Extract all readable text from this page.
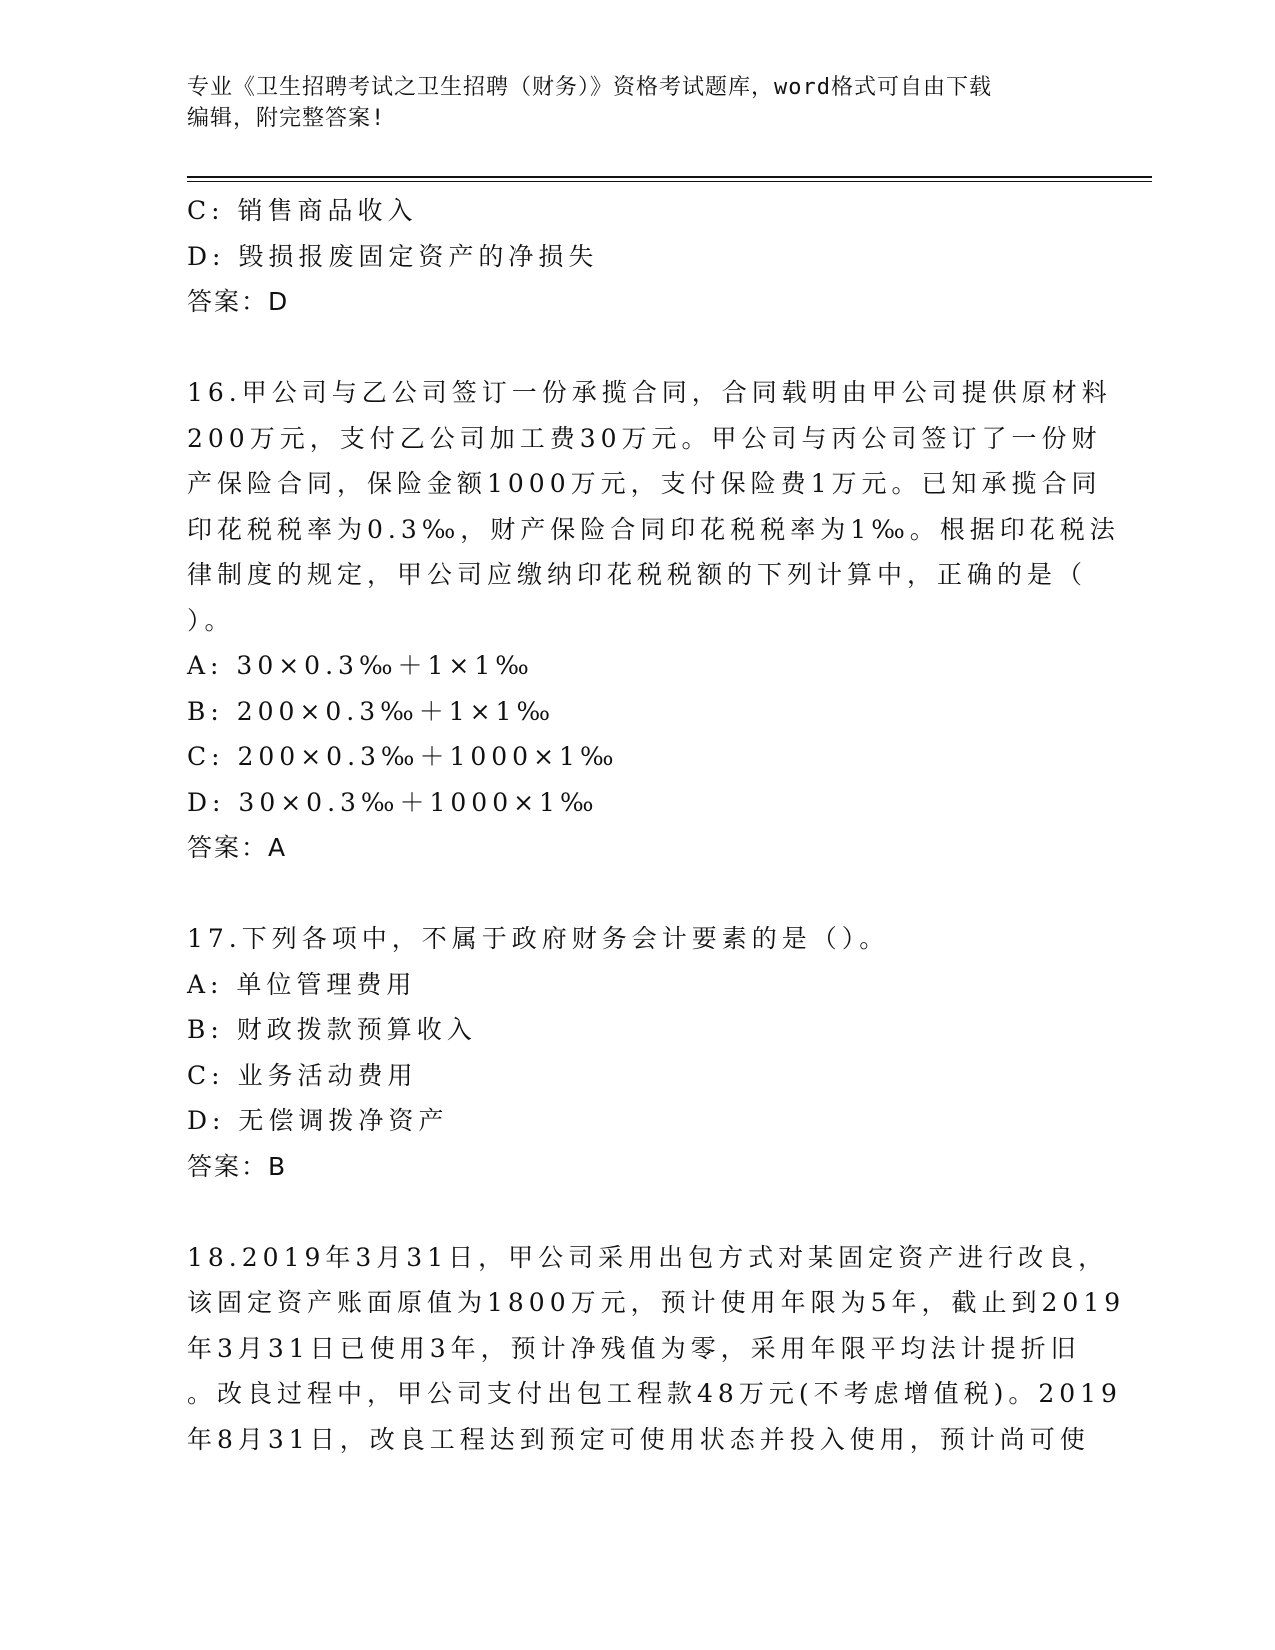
专业《卫生招聘考试之卫生招聘（财务）》资格考试题库，word格式可自由下载
编辑，附完整答案!
C: 销售商品收入
D: 毁损报废固定资产的净损失
答案：D
16.甲公司与乙公司签订一份承揽合同，合同载明由甲公司提供原材料
200万元，支付乙公司加工费30万元。甲公司与丙公司签订了一份财
产保险合同，保险金额1000万元，支付保险费1万元。已知承揽合同
印花税税率为0.3‰，财产保险合同印花税税率为1‰。根据印花税法
律制度的规定，甲公司应缴纳印花税税额的下列计算中，正确的是（
）。
A: 30×0.3‰＋1×1‰
B: 200×0.3‰＋1×1‰
C: 200×0.3‰＋1000×1‰
D: 30×0.3‰＋1000×1‰
答案：A
17.下列各项中，不属于政府财务会计要素的是（）。
A: 单位管理费用
B: 财政拨款预算收入
C: 业务活动费用
D: 无偿调拨净资产
答案：B
18.2019年3月31日，甲公司采用出包方式对某固定资产进行改良，
该固定资产账面原值为1800万元，预计使用年限为5年，截止到2019
年3月31日已使用3年，预计净残值为零，采用年限平均法计提折旧
。改良过程中，甲公司支付出包工程款48万元(不考虑增值税)。2019
年8月31日，改良工程达到预定可使用状态并投入使用，预计尚可使
